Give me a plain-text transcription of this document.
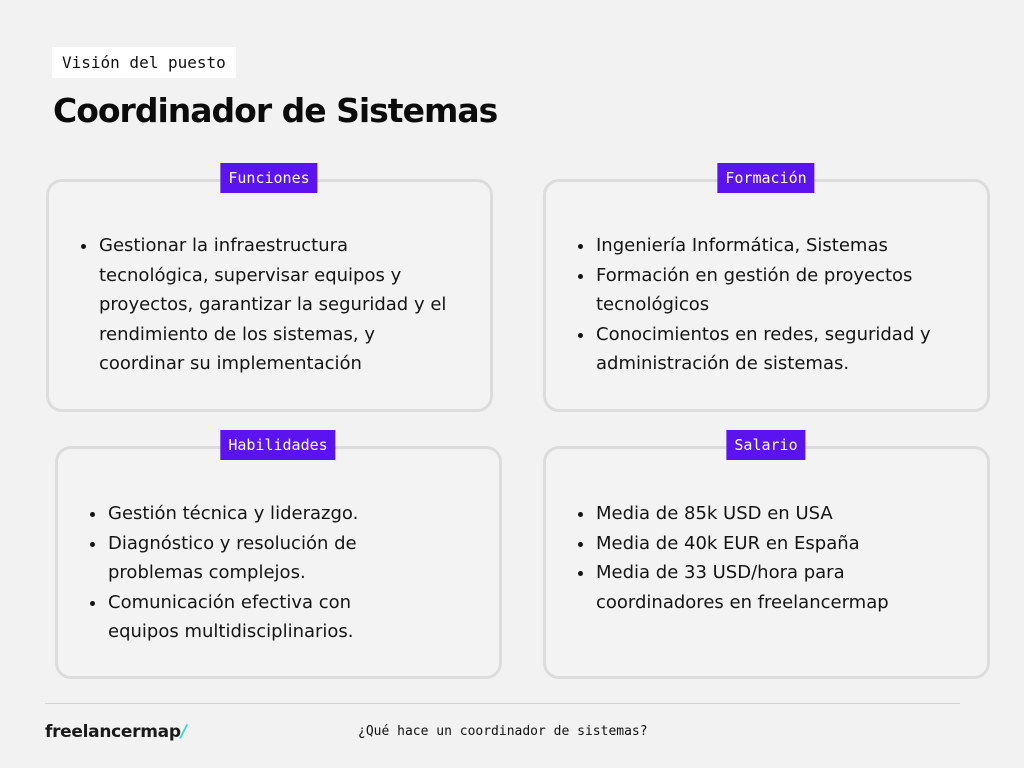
Visión del puesto
Coordinador de Sistemas
Funciones
Gestionar la infraestructura tecnológica, supervisar equipos y proyectos, garantizar la seguridad y el rendimiento de los sistemas, y coordinar su implementación
Formación
Ingeniería Informática, Sistemas
Formación en gestión de proyectos tecnológicos
Conocimientos en redes, seguridad y administración de sistemas.
Habilidades
Gestión técnica y liderazgo.
Diagnóstico y resolución de problemas complejos.
Comunicación efectiva con equipos multidisciplinarios.
Salario
Media de 85k USD en USA
Media de 40k EUR en España
Media de 33 USD/hora para coordinadores en freelancermap
freelancermap/	¿Qué hace un coordinador de sistemas?
